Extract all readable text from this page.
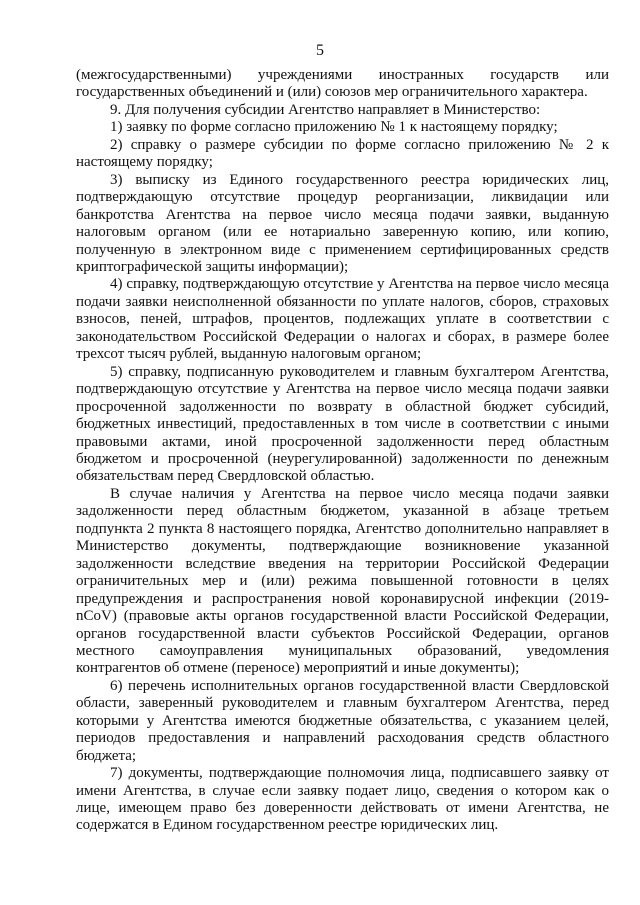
5

(межгосударственными) учреждениями иностранных государств или государственных объединений и (или) союзов мер ограничительного характера.

9. Для получения субсидии Агентство направляет в Министерство:

1) заявку по форме согласно приложению № 1 к настоящему порядку;

2) справку о размере субсидии по форме согласно приложению № 2 к настоящему порядку;

3) выписку из Единого государственного реестра юридических лиц, подтверждающую отсутствие процедур реорганизации, ликвидации или банкротства Агентства на первое число месяца подачи заявки, выданную налоговым органом (или ее нотариально заверенную копию, или копию, полученную в электронном виде с применением сертифицированных средств криптографической защиты информации);

4) справку, подтверждающую отсутствие у Агентства на первое число месяца подачи заявки неисполненной обязанности по уплате налогов, сборов, страховых взносов, пеней, штрафов, процентов, подлежащих уплате в соответствии с законодательством Российской Федерации о налогах и сборах, в размере более трехсот тысяч рублей, выданную налоговым органом;

5) справку, подписанную руководителем и главным бухгалтером Агентства, подтверждающую отсутствие у Агентства на первое число месяца подачи заявки просроченной задолженности по возврату в областной бюджет субсидий, бюджетных инвестиций, предоставленных в том числе в соответствии с иными правовыми актами, иной просроченной задолженности перед областным бюджетом и просроченной (неурегулированной) задолженности по денежным обязательствам перед Свердловской областью.

В случае наличия у Агентства на первое число месяца подачи заявки задолженности перед областным бюджетом, указанной в абзаце третьем подпункта 2 пункта 8 настоящего порядка, Агентство дополнительно направляет в Министерство документы, подтверждающие возникновение указанной задолженности вследствие введения на территории Российской Федерации ограничительных мер и (или) режима повышенной готовности в целях предупреждения и распространения новой коронавирусной инфекции (2019-nCoV) (правовые акты органов государственной власти Российской Федерации, органов государственной власти субъектов Российской Федерации, органов местного самоуправления муниципальных образований, уведомления контрагентов об отмене (переносе) мероприятий и иные документы);

6) перечень исполнительных органов государственной власти Свердловской области, заверенный руководителем и главным бухгалтером Агентства, перед которыми у Агентства имеются бюджетные обязательства, с указанием целей, периодов предоставления и направлений расходования средств областного бюджета;

7) документы, подтверждающие полномочия лица, подписавшего заявку от имени Агентства, в случае если заявку подает лицо, сведения о котором как о лице, имеющем право без доверенности действовать от имени Агентства, не содержатся в Едином государственном реестре юридических лиц.
